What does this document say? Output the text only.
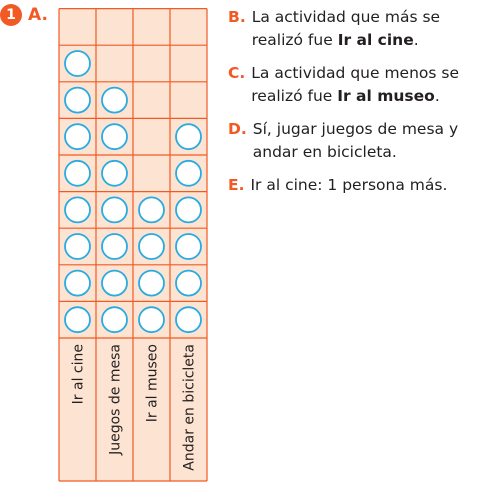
Ir al cine Juegos de mesa Ir al museo Andar en bicicleta
1 A.	B. La actividad que más se realizó fue Ir al cine.
C. La actividad que menos se realizó fue Ir al museo.
D. Sí, jugar juegos de mesa y andar en bicicleta.
E. Ir al cine: 1 persona más.
